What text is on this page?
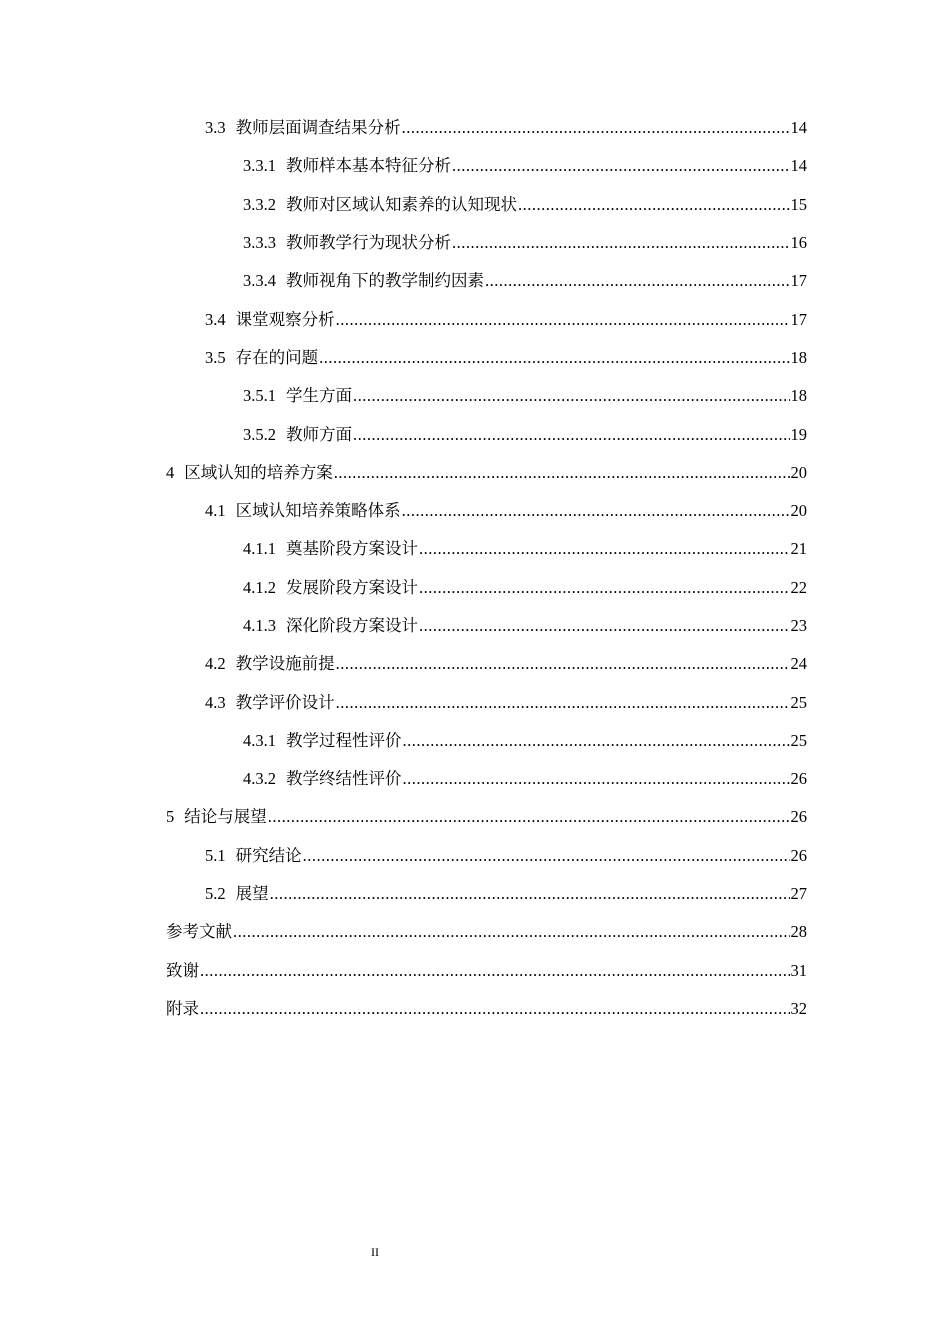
3.3 教师层面调查结果分析 .....	14
3.3.1 教师样本基本特征分析 .....	14
3.3.2 教师对区域认知素养的认知现状 .....	15
3.3.3 教师教学行为现状分析 .....	16
3.3.4 教师视角下的教学制约因素 .....	17
3.4 课堂观察分析 .....	17
3.5 存在的问题 .....	18
3.5.1 学生方面 .....	18
3.5.2 教师方面 .....	19
4 区域认知的培养方案 .....	20
4.1 区域认知培养策略体系 .....	20
4.1.1 奠基阶段方案设计 .....	21
4.1.2 发展阶段方案设计 .....	22
4.1.3 深化阶段方案设计 .....	23
4.2 教学设施前提 .....	24
4.3 教学评价设计 .....	25
4.3.1 教学过程性评价 .....	25
4.3.2 教学终结性评价 .....	26
5 结论与展望 .....	26
5.1 研究结论 .....	26
5.2 展望 .....	27
参考文献 .....	28
致谢 .....	31
附录 .....	32
II
